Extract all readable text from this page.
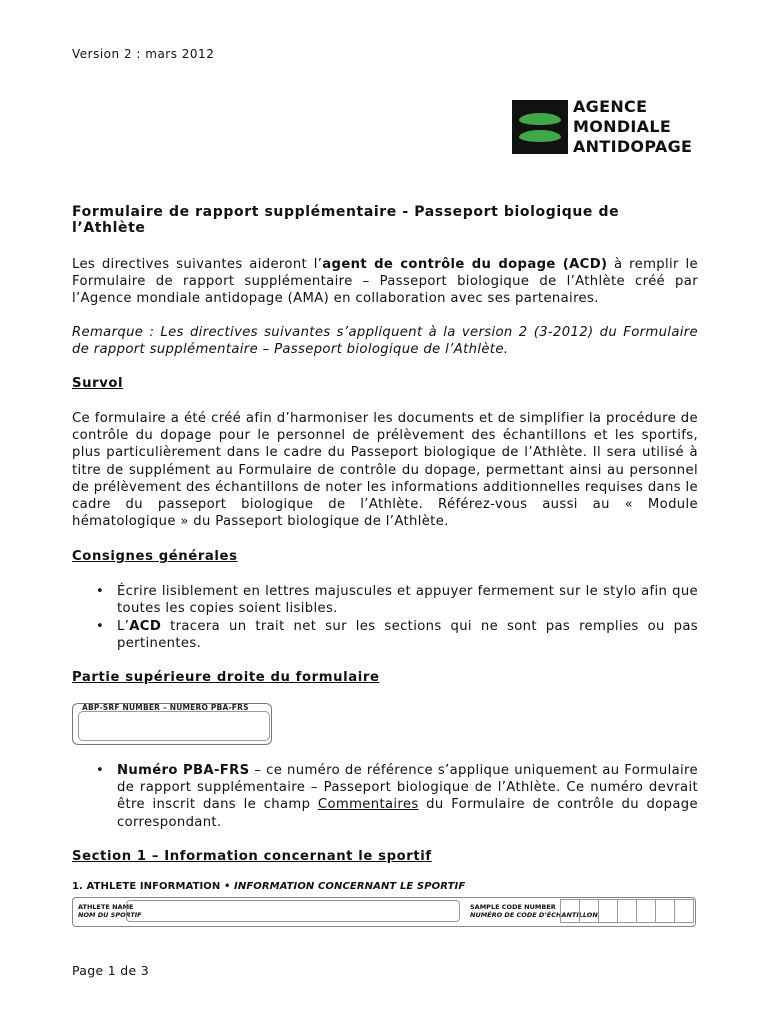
Version 2 : mars 2012
AGENCE
MONDIALE
ANTIDOPAGE
Formulaire de rapport supplémentaire - Passeport biologique de l’Athlète
Les directives suivantes aideront l’agent de contrôle du dopage (ACD) à remplir le Formulaire de rapport supplémentaire – Passeport biologique de l’Athlète créé par l’Agence mondiale antidopage (AMA) en collaboration avec ses partenaires.
Remarque : Les directives suivantes s’appliquent à la version 2 (3-2012) du Formulaire de rapport supplémentaire – Passeport biologique de l’Athlète.
Survol
Ce formulaire a été créé afin d’harmoniser les documents et de simplifier la procédure de contrôle du dopage pour le personnel de prélèvement des échantillons et les sportifs, plus particulièrement dans le cadre du Passeport biologique de l’Athlète. Il sera utilisé à titre de supplément au Formulaire de contrôle du dopage, permettant ainsi au personnel de prélèvement des échantillons de noter les informations additionnelles requises dans le cadre du passeport biologique de l’Athlète. Référez-vous aussi au « Module hématologique » du Passeport biologique de l’Athlète.
Consignes générales
• Écrire lisiblement en lettres majuscules et appuyer fermement sur le stylo afin que toutes les copies soient lisibles.
• L’ACD tracera un trait net sur les sections qui ne sont pas remplies ou pas pertinentes.
Partie supérieure droite du formulaire
ABP-SRF NUMBER – NUMERO PBA-FRS
• Numéro PBA-FRS – ce numéro de référence s’applique uniquement au Formulaire de rapport supplémentaire – Passeport biologique de l’Athlète. Ce numéro devrait être inscrit dans le champ Commentaires du Formulaire de contrôle du dopage correspondant.
Section 1 – Information concernant le sportif
1. ATHLETE INFORMATION • INFORMATION CONCERNANT LE SPORTIF
ATHLETE NAME
NOM DU SPORTIF
SAMPLE CODE NUMBER
NUMÉRO DE CODE D’ÉCHANTILLON
Page 1 de 3
